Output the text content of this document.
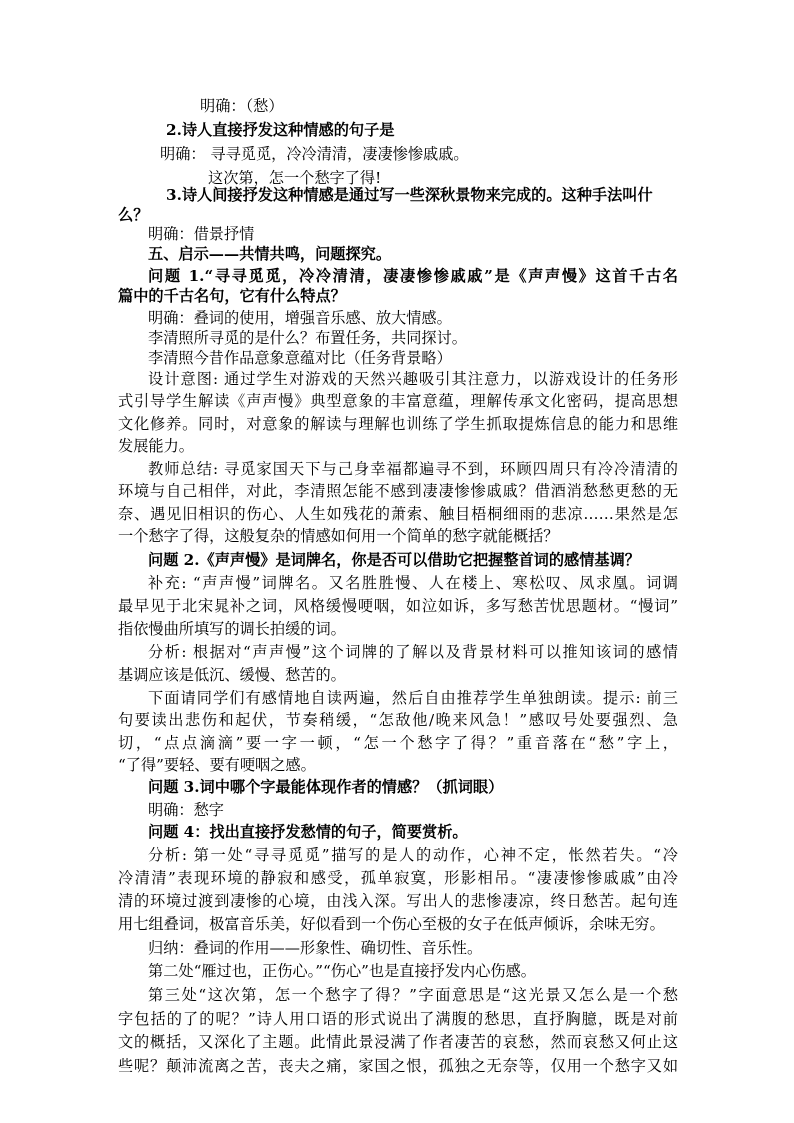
明确：（愁）
2.诗人直接抒发这种情感的句子是
明确： 寻寻觅觅，冷冷清清，凄凄惨惨戚戚。
这次第，怎一个愁字了得!
3.诗人间接抒发这种情感是通过写一些深秋景物来完成的。这种手法叫什
么？
明确：借景抒情
五、启示——共情共鸣，问题探究。
问题 1.“寻寻觅觅，冷冷清清，凄凄惨惨戚戚”是《声声慢》这首千古名
篇中的千古名句，它有什么特点？
明确：叠词的使用，增强音乐感、放大情感。
李清照所寻觅的是什么？布置任务，共同探讨。
李清照今昔作品意象意蕴对比（任务背景略）
设计意图: 通过学生对游戏的天然兴趣吸引其注意力，以游戏设计的任务形
式引导学生解读《声声慢》典型意象的丰富意蕴，理解传承文化密码，提高思想
文化修养。同时，对意象的解读与理解也训练了学生抓取提炼信息的能力和思维
发展能力。
教师总结: 寻觅家国天下与己身幸福都遍寻不到，环顾四周只有冷冷清清的
环境与自己相伴，对此，李清照怎能不感到凄凄惨惨戚戚？借酒消愁愁更愁的无
奈、遇见旧相识的伤心、人生如残花的萧索、触目梧桐细雨的悲凉……果然是怎
一个愁字了得，这般复杂的情感如何用一个简单的愁字就能概括？
问题 2.《声声慢》是词牌名，你是否可以借助它把握整首词的感情基调？
补充: “声声慢”词牌名。又名胜胜慢、人在楼上、寒松叹、凤求凰。词调
最早见于北宋晁补之词，风格缓慢哽咽，如泣如诉，多写愁苦忧思题材。“慢词”
指依慢曲所填写的调长拍缓的词。
分析: 根据对“声声慢”这个词牌的了解以及背景材料可以推知该词的感情
基调应该是低沉、缓慢、愁苦的。
下面请同学们有感情地自读两遍，然后自由推荐学生单独朗读。提示: 前三
句要读出悲伤和起伏，节奏稍缓，“怎敌他/晚来风急！”感叹号处要强烈、急
切，“点点滴滴”要一字一顿，“怎一个愁字了得？”重音落在“愁”字上，
“了得”要轻、要有哽咽之感。
问题 3.词中哪个字最能体现作者的情感？（抓词眼）
明确：愁字
问题 4：找出直接抒发愁情的句子，简要赏析。
分析: 第一处“寻寻觅觅”描写的是人的动作，心神不定，怅然若失。“冷
冷清清”表现环境的静寂和感受，孤单寂寞，形影相吊。“凄凄惨惨戚戚”由冷
清的环境过渡到凄惨的心境，由浅入深。写出人的悲惨凄凉，终日愁苦。起句连
用七组叠词，极富音乐美，好似看到一个伤心至极的女子在低声倾诉，余味无穷。
归纳：叠词的作用——形象性、确切性、音乐性。
第二处“雁过也，正伤心。”“伤心”也是直接抒发内心伤感。
第三处“这次第，怎一个愁字了得？”字面意思是“这光景又怎么是一个愁
字包括的了的呢？”诗人用口语的形式说出了满腹的愁思，直抒胸臆，既是对前
文的概括，又深化了主题。此情此景浸满了作者凄苦的哀愁，然而哀愁又何止这
些呢？颠沛流离之苦，丧夫之痛，家国之恨，孤独之无奈等，仅用一个愁字又如
